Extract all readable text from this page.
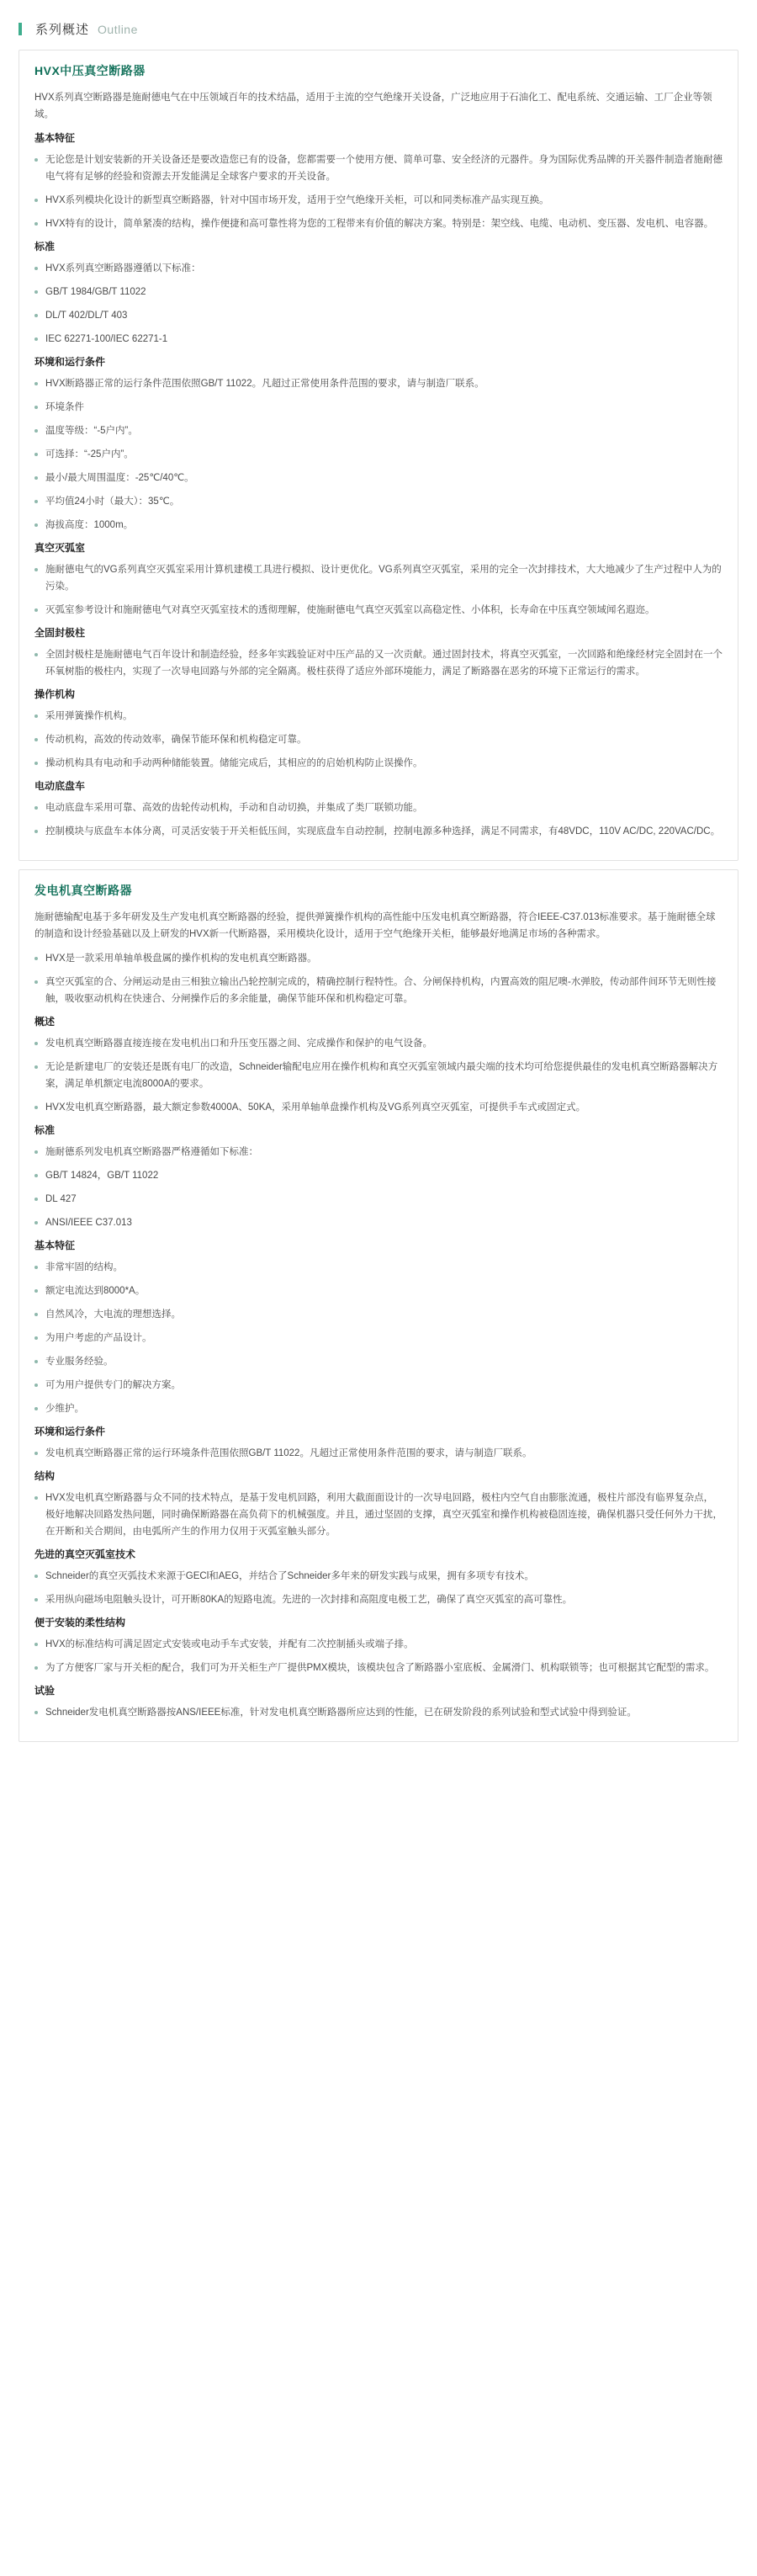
系列概述 Outline
HVX中压真空断路器

HVX系列真空断路器是施耐德电气在中压领域百年的技术结晶，适用于主流的空气绝缘开关设备，广泛地应用于石油化工、配电系统、交通运输、工厂企业等领域。

基本特征
无论您是计划安装新的开关设备还是要改造您已有的设备，您都需要一个使用方便、简单可靠、安全经济的元器件。身为国际优秀品牌的开关器件制造者施耐德电气将有足够的经验和资源去开发能满足全球客户要求的开关设备。
HVX系列模块化设计的新型真空断路器，针对中国市场开发，适用于空气绝缘开关柜，可以和同类标准产品实现互换。
HVX特有的设计，简单紧凑的结构，操作便捷和高可靠性将为您的工程带来有价值的解决方案。特别是：架空线、电缆、电动机、变压器、发电机、电容器。
标准
HVX系列真空断路器遵循以下标准：
GB/T 1984/GB/T 11022
DL/T 402/DL/T 403
IEC 62271-100/IEC 62271-1
环境和运行条件
HVX断路器正常的运行条件范围依照GB/T 11022。凡超过正常使用条件范围的要求，请与制造厂联系。
环境条件
温度等级：“-5户内”。
可选择：“-25户内”。
最小/最大周围温度：-25℃/40℃。
平均值24小时（最大）：35℃。
海拔高度：1000m。
真空灭弧室
施耐德电气的VG系列真空灭弧室采用计算机建模工具进行模拟、设计更优化。VG系列真空灭弧室，采用的完全一次封排技术，大大地减少了生产过程中人为的污染。
灭弧室参考设计和施耐德电气对真空灭弧室技术的透彻理解，使施耐德电气真空灭弧室以高稳定性、小体积，长寿命在中压真空领域闻名遐迩。
全固封极柱
全固封极柱是施耐德电气百年设计和制造经验，经多年实践验证对中压产品的又一次贡献。通过固封技术，将真空灭弧室，一次回路和绝缘经材完全固封在一个环氧树脂的极柱内，实现了一次导电回路与外部的完全隔离。极柱获得了适应外部环境能力，满足了断路器在恶劣的环境下正常运行的需求。
操作机构
采用弹簧操作机构。
传动机构，高效的传动效率，确保节能环保和机构稳定可靠。
操动机构具有电动和手动两种储能装置。储能完成后，其相应的的启始机构防止误操作。
电动底盘车
电动底盘车采用可靠、高效的齿轮传动机构，手动和自动切换，并集成了类厂联锁功能。
控制模块与底盘车本体分离，可灵活安装于开关柜低压间，实现底盘车自动控制，控制电源多种选择，满足不同需求，有48VDC，110V AC/DC, 220VAC/DC。
发电机真空断路器

施耐德输配电基于多年研发及生产发电机真空断路器的经验，提供弹簧操作机构的高性能中压发电机真空断路器，符合IEEE-C37.013标准要求。基于施耐德全球的制造和设计经验基础以及上研发的HVX新一代断路器，采用模块化设计，适用于空气绝缘开关柜，能够最好地满足市场的各种需求。

HVX是一款采用单轴单极盘属的操作机构的发电机真空断路器。
真空灭弧室的合、分闸运动是由三相独立输出凸轮控制完成的，精确控制行程特性。合、分闸保持机构，内置高效的阻尼噢-水弹胶，传动部件间环节无则性接触，吸收驱动机构在快速合、分闸操作后的多余能量，确保节能环保和机构稳定可靠。
概述
发电机真空断路器直接连接在发电机出口和升压变压器之间、完成操作和保护的电气设备。
无论是新建电厂的安装还是既有电厂的改造，Schneider输配电应用在操作机构和真空灭弧室领域内最尖端的技术均可给您提供最佳的发电机真空断路器解决方案，满足单机额定电流8000A的要求。
HVX发电机真空断路器，最大额定参数4000A、50KA，采用单轴单盘操作机构及VG系列真空灭弧室，可提供手车式或固定式。
标准
施耐德系列发电机真空断路器严格遵循如下标准：
GB/T 14824，GB/T 11022
DL 427
ANSI/IEEE C37.013
基本特征
非常牢固的结构。
额定电流达到8000*A。
自然风冷，大电流的理想选择。
为用户考虑的产品设计。
专业服务经验。
可为用户提供专门的解决方案。
少维护。
环境和运行条件
发电机真空断路器正常的运行环境条件范围依照GB/T 11022。凡超过正常使用条件范围的要求，请与制造厂联系。
结构
HVX发电机真空断路器与众不同的技术特点，是基于发电机回路，利用大截面面设计的一次导电回路，极柱内空气自由膨胀流通，极柱片部没有临界复杂点，极好地解决回路发热问题，同时确保断路器在高负荷下的机械强度。并且，通过坚固的支撑，真空灭弧室和操作机构被稳固连接，确保机器只受任何外力干扰，在开断和关合期间，由电弧所产生的作用力仅用于灭弧室触头部分。
先进的真空灭弧室技术
Schneider的真空灭弧技术来源于GECl和AEG，并结合了Schneider多年来的研发实践与成果，拥有多项专有技术。
采用纵向磁场电阻触头设计，可开断80KA的短路电流。先进的一次封排和高阻度电极工艺，确保了真空灭弧室的高可靠性。
便于安装的柔性结构
HVX的标准结构可满足固定式安装或电动手车式安装，并配有二次控制插头或端子排。
为了方便客厂家与开关柜的配合，我们可为开关柜生产厂提供PMX模块，该模块包含了断路器小室底板、金属滑门、机构联锁等；也可根据其它配型的需求。
试验
Schneider发电机真空断路器按ANS/IEEE标准，针对发电机真空断路器所应达到的性能，已在研发阶段的系列试验和型式试验中得到验证。
